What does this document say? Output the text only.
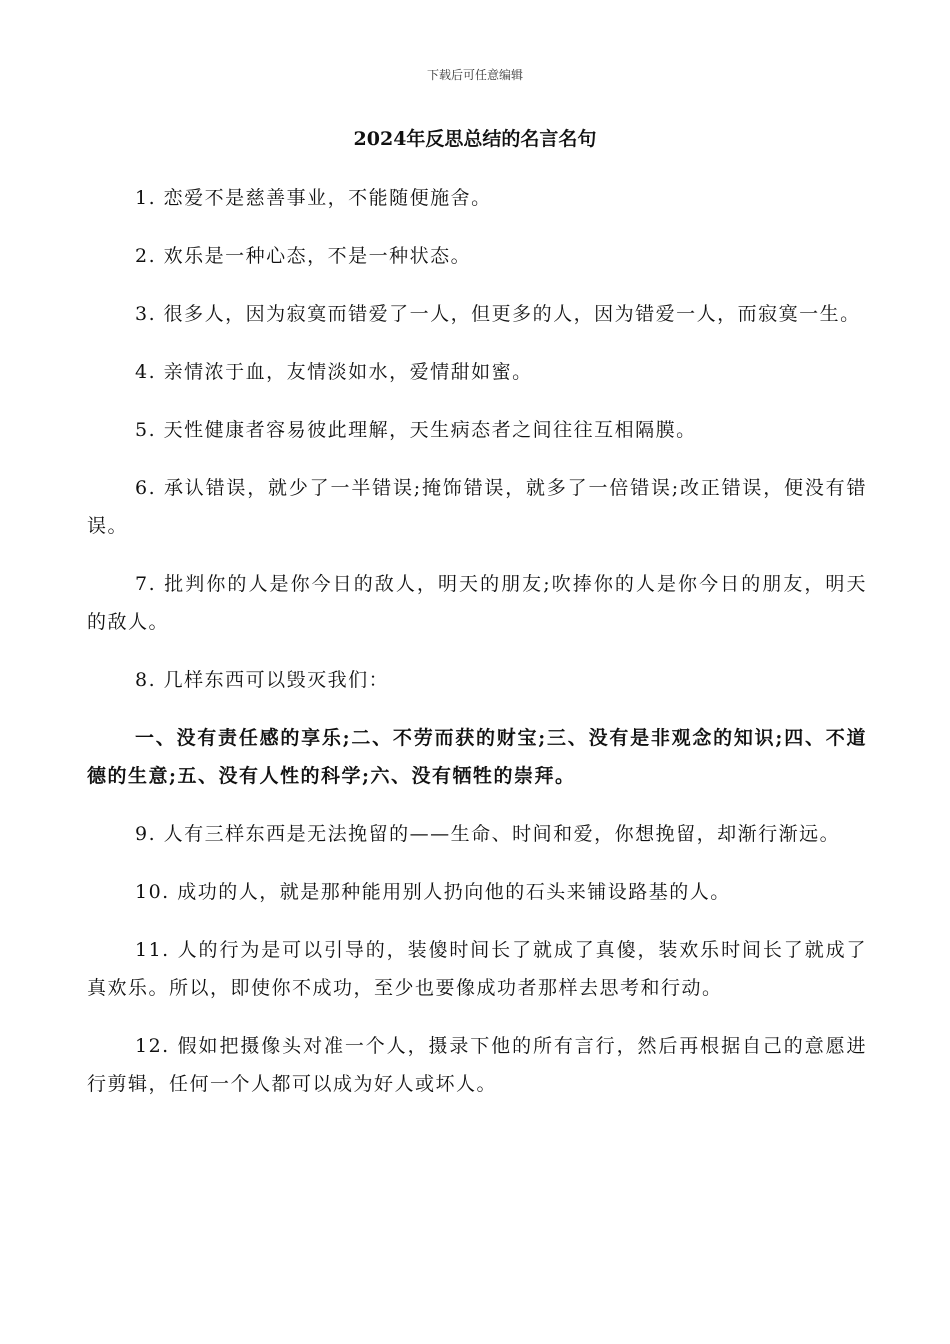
下载后可任意编辑
2024年反思总结的名言名句

1. 恋爱不是慈善事业，不能随便施舍。

2. 欢乐是一种心态，不是一种状态。

3. 很多人，因为寂寞而错爱了一人，但更多的人，因为错爱一人，而寂寞一生。

4. 亲情浓于血，友情淡如水，爱情甜如蜜。

5. 天性健康者容易彼此理解，天生病态者之间往往互相隔膜。

6. 承认错误，就少了一半错误;掩饰错误，就多了一倍错误;改正错误，便没有错误。

7. 批判你的人是你今日的敌人，明天的朋友;吹捧你的人是你今日的朋友，明天的敌人。

8. 几样东西可以毁灭我们：

一、没有责任感的享乐;二、不劳而获的财宝;三、没有是非观念的知识;四、不道德的生意;五、没有人性的科学;六、没有牺牲的崇拜。

9. 人有三样东西是无法挽留的——生命、时间和爱，你想挽留，却渐行渐远。

10. 成功的人，就是那种能用别人扔向他的石头来铺设路基的人。

11. 人的行为是可以引导的，装傻时间长了就成了真傻，装欢乐时间长了就成了真欢乐。所以，即使你不成功，至少也要像成功者那样去思考和行动。

12. 假如把摄像头对准一个人，摄录下他的所有言行，然后再根据自己的意愿进行剪辑，任何一个人都可以成为好人或坏人。
